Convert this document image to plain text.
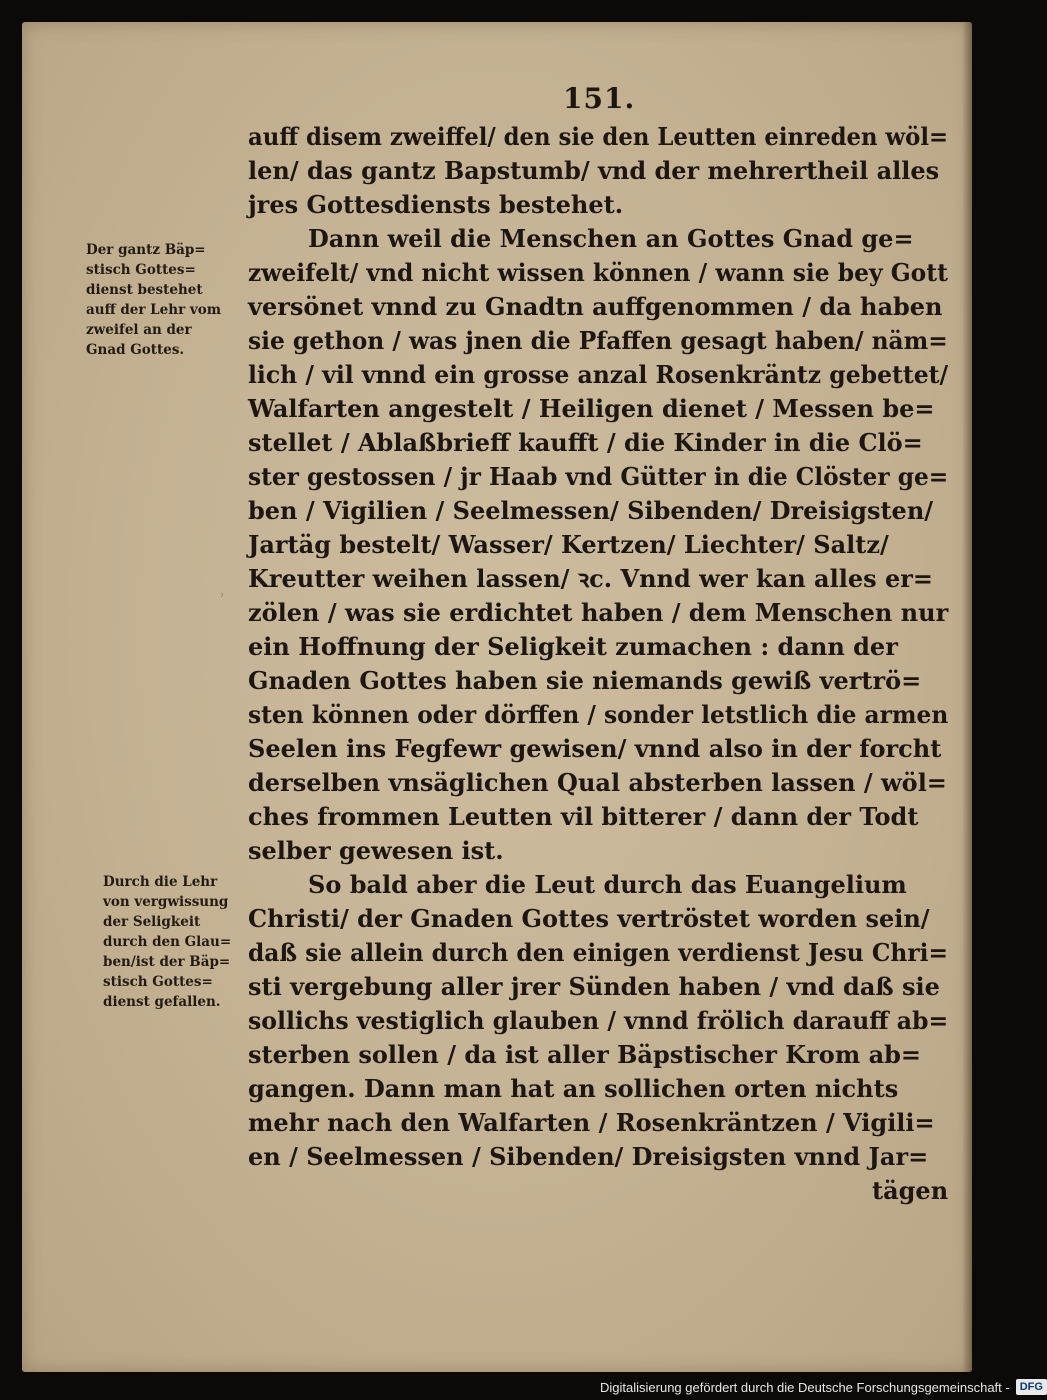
151.
auff disem zweiffel/ den sie den Leutten einreden wöl=
len/ das gantz Bapstumb/ vnd der mehrertheil alles
jres Gottesdiensts bestehet.
Dann weil die Menschen an Gottes Gnad ge=
zweifelt/ vnd nicht wissen können / wann sie bey Gott
versönet vnnd zu Gnadtn auffgenommen / da haben
sie gethon / was jnen die Pfaffen gesagt haben/ näm=
lich / vil vnnd ein grosse anzal Rosenkräntz gebettet/
Walfarten angestelt / Heiligen dienet / Messen be=
stellet / Ablaßbrieff kaufft / die Kinder in die Clö=
ster gestossen / jr Haab vnd Gütter in die Clöster ge=
ben / Vigilien / Seelmessen/ Sibenden/ Dreisigsten/
Jartäg bestelt/ Wasser/ Kertzen/ Liechter/ Saltz/
Kreutter weihen lassen/ ꝛc. Vnnd wer kan alles er=
zölen / was sie erdichtet haben / dem Menschen nur
ein Hoffnung der Seligkeit zumachen : dann der
Gnaden Gottes haben sie niemands gewiß vertrö=
sten können oder dörffen / sonder letstlich die armen
Seelen ins Fegfewr gewisen/ vnnd also in der forcht
derselben vnsäglichen Qual absterben lassen / wöl=
ches frommen Leutten vil bitterer / dann der Todt
selber gewesen ist.
So bald aber die Leut durch das Euangelium
Christi/ der Gnaden Gottes vertröstet worden sein/
daß sie allein durch den einigen verdienst Jesu Chri=
sti vergebung aller jrer Sünden haben / vnd daß sie
sollichs vestiglich glauben / vnnd frölich darauff ab=
sterben sollen / da ist aller Bäpstischer Krom ab=
gangen. Dann man hat an sollichen orten nichts
mehr nach den Walfarten / Rosenkräntzen / Vigili=
en / Seelmessen / Sibenden/ Dreisigsten vnnd Jar=
tägen
Der gantz Bäp=
stisch Gottes=
dienst bestehet
auff der Lehr vom
zweifel an der
Gnad Gottes.
Durch die Lehr
von vergwissung
der Seligkeit
durch den Glau=
ben/ist der Bäp=
stisch Gottes=
dienst gefallen.
ʾ
Digitalisierung gefördert durch die Deutsche Forschungsgemeinschaft - DFG
